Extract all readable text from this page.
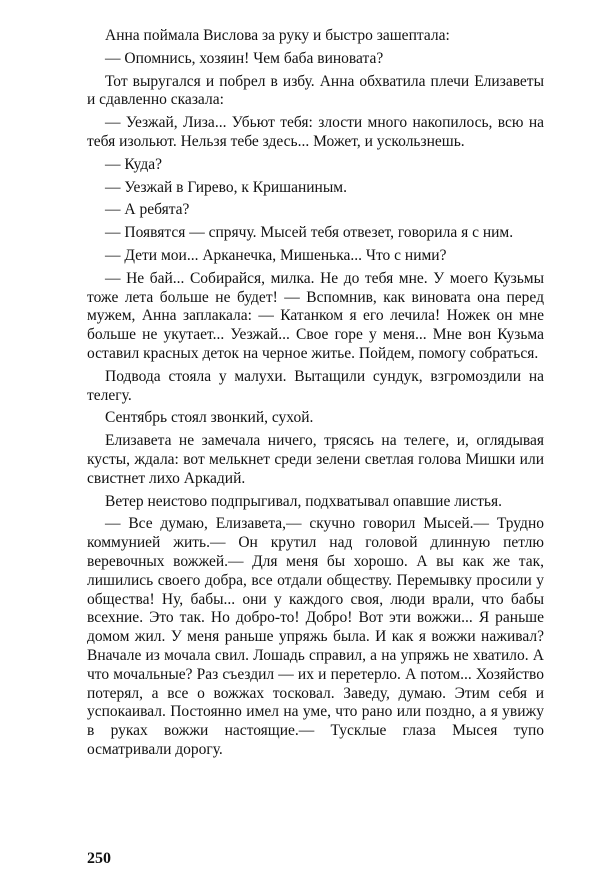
Анна поймала Вислова за руку и быстро зашептала:

— Опомнись, хозяин! Чем баба виновата?

Тот выругался и побрел в избу. Анна обхватила плечи Елизаветы и сдавленно сказала:

— Уезжай, Лиза... Убьют тебя: злости много накопилось, всю на тебя изольют. Нельзя тебе здесь... Может, и ускользнешь.

— Куда?

— Уезжай в Гирево, к Кришаниным.

— А ребята?

— Появятся — спрячу. Мысей тебя отвезет, говорила я с ним.

— Дети мои... Арканечка, Мишенька... Что с ними?

— Не бай... Собирайся, милка. Не до тебя мне. У моего Кузьмы тоже лета больше не будет! — Вспомнив, как виновата она перед мужем, Анна заплакала: — Катанком я его лечила! Ножек он мне больше не укутает... Уезжай... Свое горе у меня... Мне вон Кузьма оставил красных деток на черное житье. Пойдем, помогу собраться.

Подвода стояла у малухи. Вытащили сундук, взгромоздили на телегу.

Сентябрь стоял звонкий, сухой.

Елизавета не замечала ничего, трясясь на телеге, и, оглядывая кусты, ждала: вот мелькнет среди зелени светлая голова Мишки или свистнет лихо Аркадий.

Ветер неистово подпрыгивал, подхватывал опавшие листья.

— Все думаю, Елизавета,— скучно говорил Мысей.— Трудно коммунией жить.— Он крутил над головой длинную петлю веревочных вожжей.— Для меня бы хорошо. А вы как же так, лишились своего добра, все отдали обществу. Перемывку просили у общества! Ну, бабы... они у каждого своя, люди врали, что бабы всехние. Это так. Но добро-то! Добро! Вот эти вожжи... Я раньше домом жил. У меня раньше упряжь была. И как я вожжи наживал? Вначале из мочала свил. Лошадь справил, а на упряжь не хватило. А что мочальные? Раз съездил — их и перетерло. А потом... Хозяйство потерял, а все о вожжах тосковал. Заведу, думаю. Этим себя и успокаивал. Постоянно имел на уме, что рано или поздно, а я увижу в руках вожжи настоящие.— Тусклые глаза Мысея тупо осматривали дорогу.

250
